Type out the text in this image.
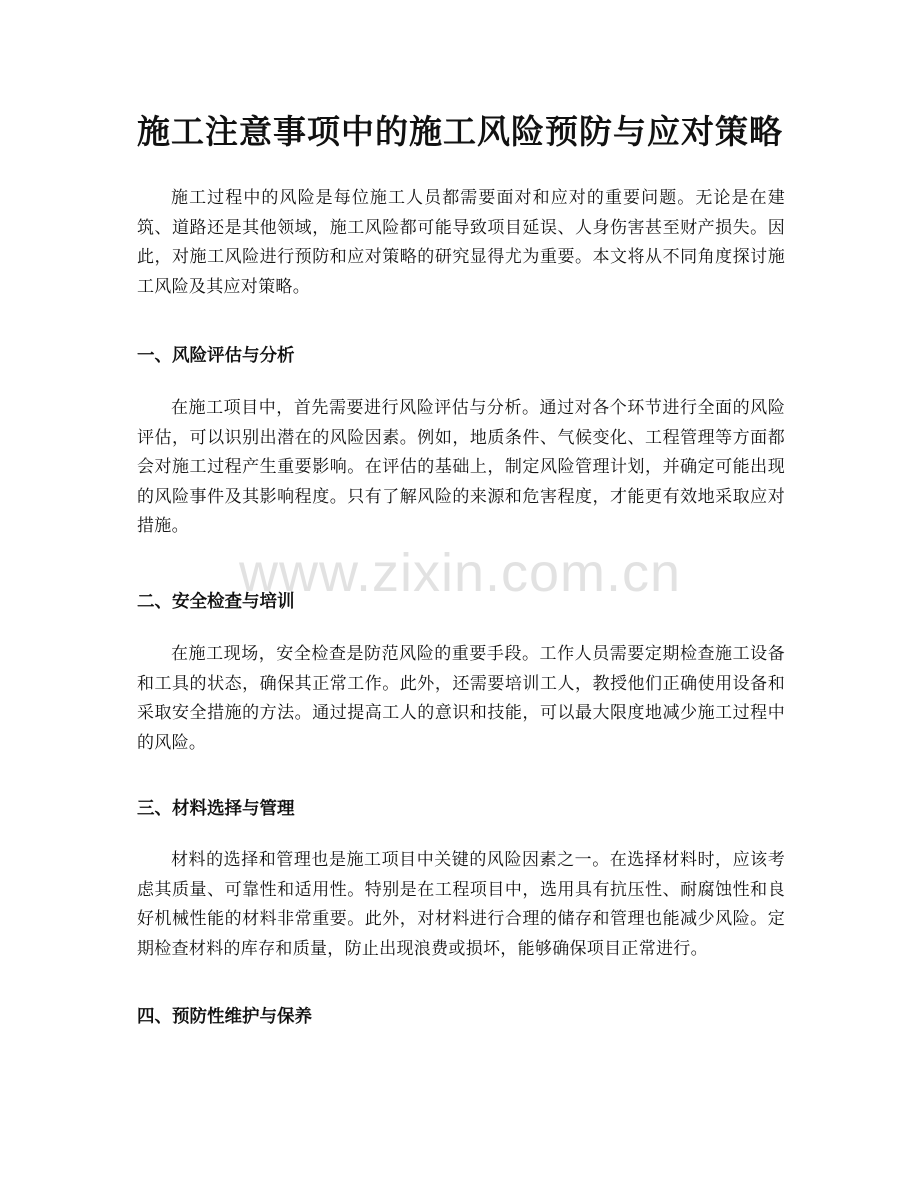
施工注意事项中的施工风险预防与应对策略

施工过程中的风险是每位施工人员都需要面对和应对的重要问题。无论是在建筑、道路还是其他领域，施工风险都可能导致项目延误、人身伤害甚至财产损失。因此，对施工风险进行预防和应对策略的研究显得尤为重要。本文将从不同角度探讨施工风险及其应对策略。

一、风险评估与分析

在施工项目中，首先需要进行风险评估与分析。通过对各个环节进行全面的风险评估，可以识别出潜在的风险因素。例如，地质条件、气候变化、工程管理等方面都会对施工过程产生重要影响。在评估的基础上，制定风险管理计划，并确定可能出现的风险事件及其影响程度。只有了解风险的来源和危害程度，才能更有效地采取应对措施。

二、安全检查与培训

在施工现场，安全检查是防范风险的重要手段。工作人员需要定期检查施工设备和工具的状态，确保其正常工作。此外，还需要培训工人，教授他们正确使用设备和采取安全措施的方法。通过提高工人的意识和技能，可以最大限度地减少施工过程中的风险。

三、材料选择与管理

材料的选择和管理也是施工项目中关键的风险因素之一。在选择材料时，应该考虑其质量、可靠性和适用性。特别是在工程项目中，选用具有抗压性、耐腐蚀性和良好机械性能的材料非常重要。此外，对材料进行合理的储存和管理也能减少风险。定期检查材料的库存和质量，防止出现浪费或损坏，能够确保项目正常进行。

四、预防性维护与保养
www.zixin.com.cn
